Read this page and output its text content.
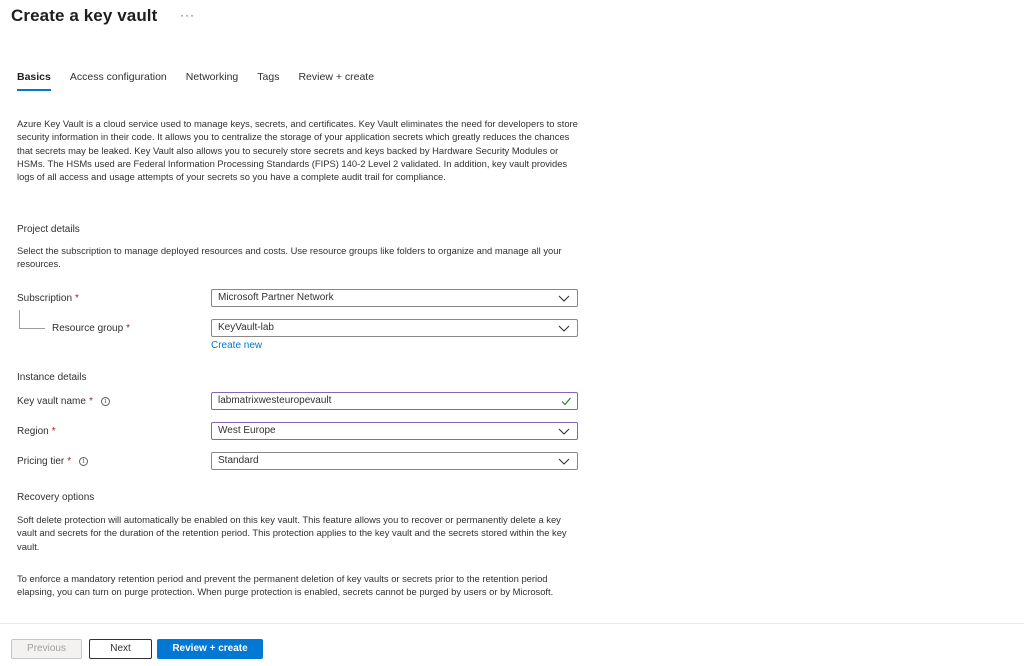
Create a key vault ···
Basics Access configuration Networking Tags Review + create
Azure Key Vault is a cloud service used to manage keys, secrets, and certificates. Key Vault eliminates the need for developers to store security information in their code. It allows you to centralize the storage of your application secrets which greatly reduces the chances that secrets may be leaked. Key Vault also allows you to securely store secrets and keys backed by Hardware Security Modules or HSMs. The HSMs used are Federal Information Processing Standards (FIPS) 140-2 Level 2 validated. In addition, key vault provides logs of all access and usage attempts of your secrets so you have a complete audit trail for compliance.
Project details
Select the subscription to manage deployed resources and costs. Use resource groups like folders to organize and manage all your resources.
Subscription *	Microsoft Partner Network
Resource group *	KeyVault-lab
Create new
Instance details
Key vault name *	i	labmatrixwesteuropevault
Region *	West Europe
Pricing tier *	i	Standard
Recovery options
Soft delete protection will automatically be enabled on this key vault. This feature allows you to recover or permanently delete a key vault and secrets for the duration of the retention period. This protection applies to the key vault and the secrets stored within the key vault.
To enforce a mandatory retention period and prevent the permanent deletion of key vaults or secrets prior to the retention period elapsing, you can turn on purge protection. When purge protection is enabled, secrets cannot be purged by users or by Microsoft.
Previous	Next	Review + create
